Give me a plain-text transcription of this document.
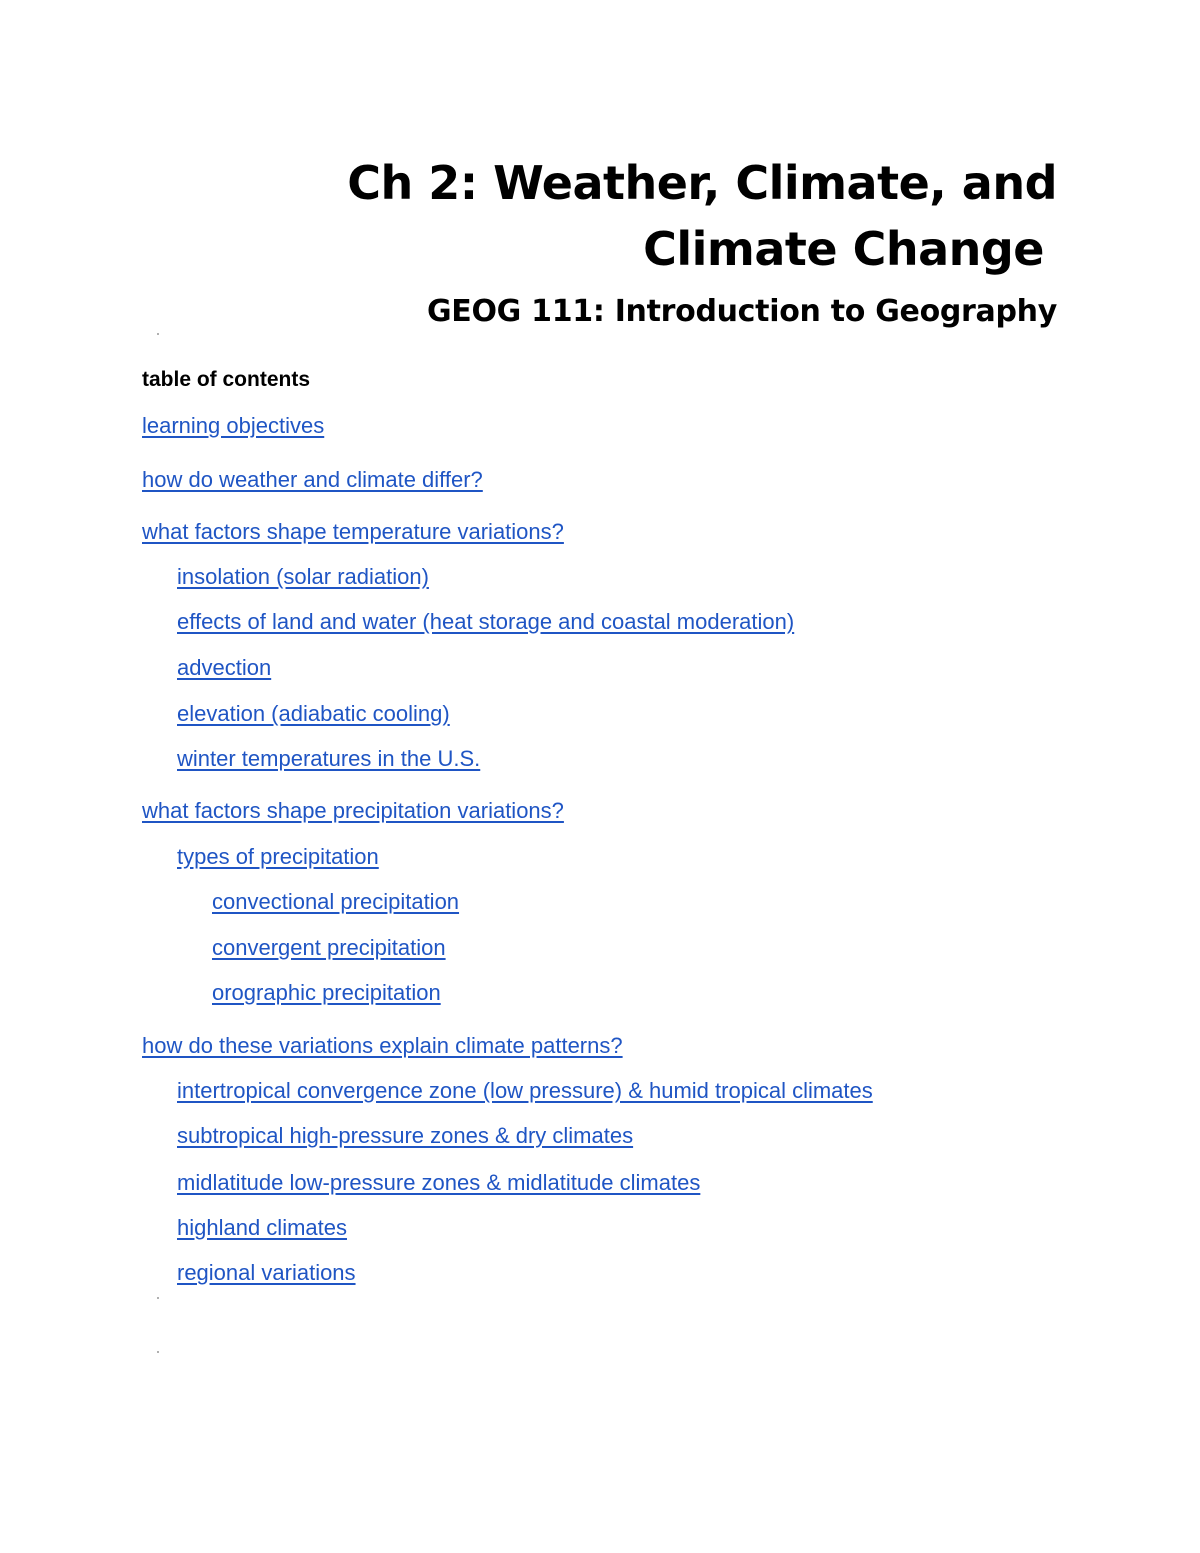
Ch 2: Weather, Climate, and
Climate Change
GEOG 111: Introduction to Geography
table of contents
learning objectives
how do weather and climate differ?
what factors shape temperature variations?
insolation (solar radiation)
effects of land and water (heat storage and coastal moderation)
advection
elevation (adiabatic cooling)
winter temperatures in the U.S.
what factors shape precipitation variations?
types of precipitation
convectional precipitation
convergent precipitation
orographic precipitation
how do these variations explain climate patterns?
intertropical convergence zone (low pressure) & humid tropical climates
subtropical high-pressure zones & dry climates
midlatitude low-pressure zones & midlatitude climates
highland climates
regional variations
